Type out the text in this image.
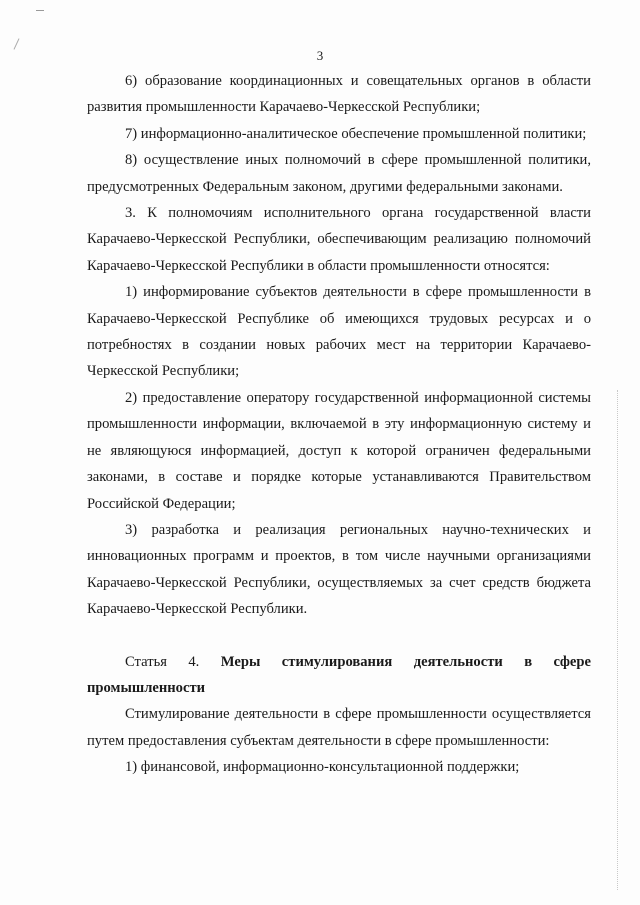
3

6) образование координационных и совещательных органов в области развития промышленности Карачаево-Черкесской Республики;

7) информационно-аналитическое обеспечение промышленной политики;

8) осуществление иных полномочий в сфере промышленной политики, предусмотренных Федеральным законом, другими федеральными законами.

3. К полномочиям исполнительного органа государственной власти Карачаево-Черкесской Республики, обеспечивающим реализацию полномочий Карачаево-Черкесской Республики в области промышленности относятся:

1) информирование субъектов деятельности в сфере промышленности в Карачаево-Черкесской Республике об имеющихся трудовых ресурсах и о потребностях в создании новых рабочих мест на территории Карачаево-Черкесской Республики;

2) предоставление оператору государственной информационной системы промышленности информации, включаемой в эту информационную систему и не являющуюся информацией, доступ к которой ограничен федеральными законами, в составе и порядке которые устанавливаются Правительством Российской Федерации;

3) разработка и реализация региональных научно-технических и инновационных программ и проектов, в том числе научными организациями Карачаево-Черкесской Республики, осуществляемых за счет средств бюджета Карачаево-Черкесской Республики.

Статья 4. Меры стимулирования деятельности в сфере промышленности

Стимулирование деятельности в сфере промышленности осуществляется путем предоставления субъектам деятельности в сфере промышленности:

1) финансовой, информационно-консультационной поддержки;
